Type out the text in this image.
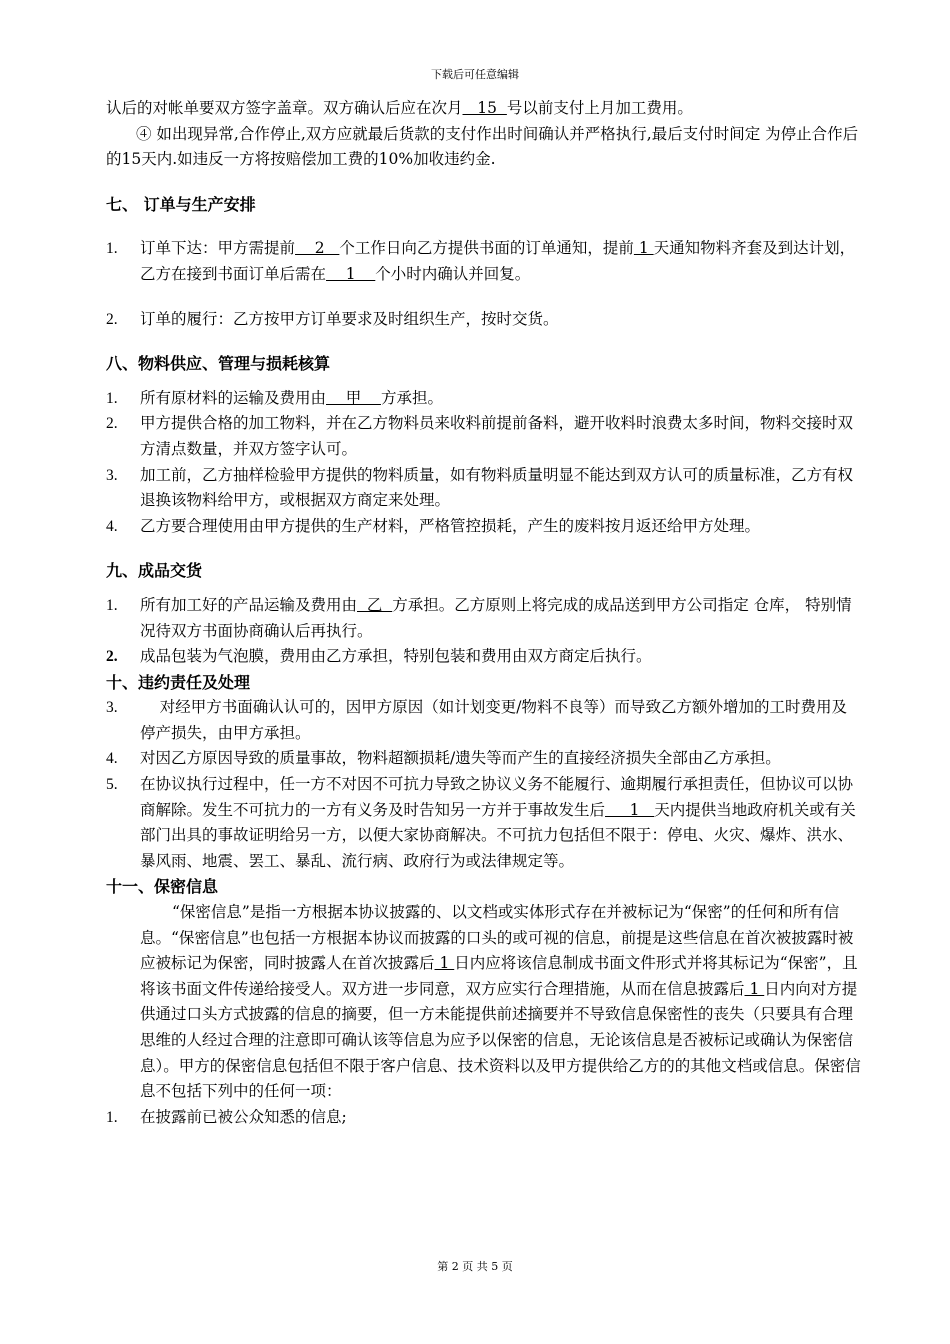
下载后可任意编辑

认后的对帐单要双方签字盖章。双方确认后应在次月   15  号以前支付上月加工费用。

④ 如出现异常,合作停止,双方应就最后货款的支付作出时间确认并严格执行,最后支付时间定 为停止合作后的15天内.如违反一方将按赔偿加工费的10%加收违约金.

七、 订单与生产安排

1.	订单下达：甲方需提前    2   个工作日向乙方提供书面的订单通知，提前 1 天通知物料齐套及到达计划，乙方在接到书面订单后需在    1    个小时内确认并回复。
2.	订单的履行：乙方按甲方订单要求及时组织生产，按时交货。

八、物料供应、管理与损耗核算

1.	所有原材料的运输及费用由    甲    方承担。
2.	甲方提供合格的加工物料，并在乙方物料员来收料前提前备料，避开收料时浪费太多时间，物料交接时双方清点数量，并双方签字认可。
3.	加工前，乙方抽样检验甲方提供的物料质量，如有物料质量明显不能达到双方认可的质量标准，乙方有权退换该物料给甲方，或根据双方商定来处理。
4.	乙方要合理使用由甲方提供的生产材料，严格管控损耗，产生的废料按月返还给甲方处理。

九、成品交货

1.	所有加工好的产品运输及费用由  乙  方承担。乙方原则上将完成的成品送到甲方公司指定 仓库， 特别情况待双方书面协商确认后再执行。
2.	成品包装为气泡膜，费用由乙方承担，特别包装和费用由双方商定后执行。

十、违约责任及处理

3.	对经甲方书面确认认可的，因甲方原因（如计划变更/物料不良等）而导致乙方额外增加的工时费用及停产损失，由甲方承担。
4.	对因乙方原因导致的质量事故，物料超额损耗/遗失等而产生的直接经济损失全部由乙方承担。
5.	在协议执行过程中，任一方不对因不可抗力导致之协议义务不能履行、逾期履行承担责任，但协议可以协商解除。发生不可抗力的一方有义务及时告知另一方并于事故发生后     1   天内提供当地政府机关或有关部门出具的事故证明给另一方，以便大家协商解决。不可抗力包括但不限于：停电、火灾、爆炸、洪水、暴风雨、地震、罢工、暴乱、流行病、政府行为或法律规定等。

十一、保密信息

“保密信息”是指一方根据本协议披露的、以文档或实体形式存在并被标记为“保密”的任何和所有信息。“保密信息”也包括一方根据本协议而披露的口头的或可视的信息，前提是这些信息在首次被披露时被应被标记为保密，同时披露人在首次披露后 1 日内应将该信息制成书面文件形式并将其标记为“保密”，且将该书面文件传递给接受人。双方进一步同意，双方应实行合理措施，从而在信息披露后 1 日内向对方提供通过口头方式披露的信息的摘要，但一方未能提供前述摘要并不导致信息保密性的丧失（只要具有合理思维的人经过合理的注意即可确认该等信息为应予以保密的信息，无论该信息是否被标记或确认为保密信息）。甲方的保密信息包括但不限于客户信息、技术资料以及甲方提供给乙方的的其他文档或信息。保密信息不包括下列中的任何一项：

1.	在披露前已被公众知悉的信息;
第 2 页 共 5 页
